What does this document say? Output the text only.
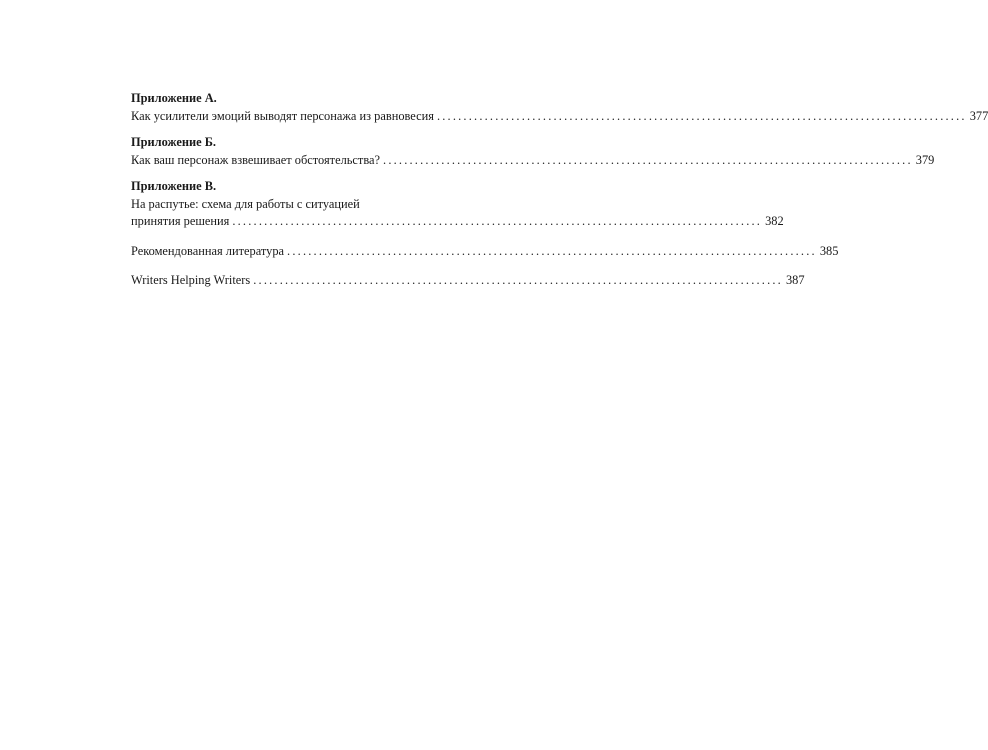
Приложение А.

Как усилители эмоций выводят персонажа из равновесия .................................................................................................... 377

Приложение Б.

Как ваш персонаж взвешивает обстоятельства? .................................................................................................... 379

Приложение В.

На распутье: схема для работы с ситуацией
принятия решения .................................................................................................... 382
Рекомендованная литература .................................................................................................... 385
Writers Helping Writers .................................................................................................... 387
